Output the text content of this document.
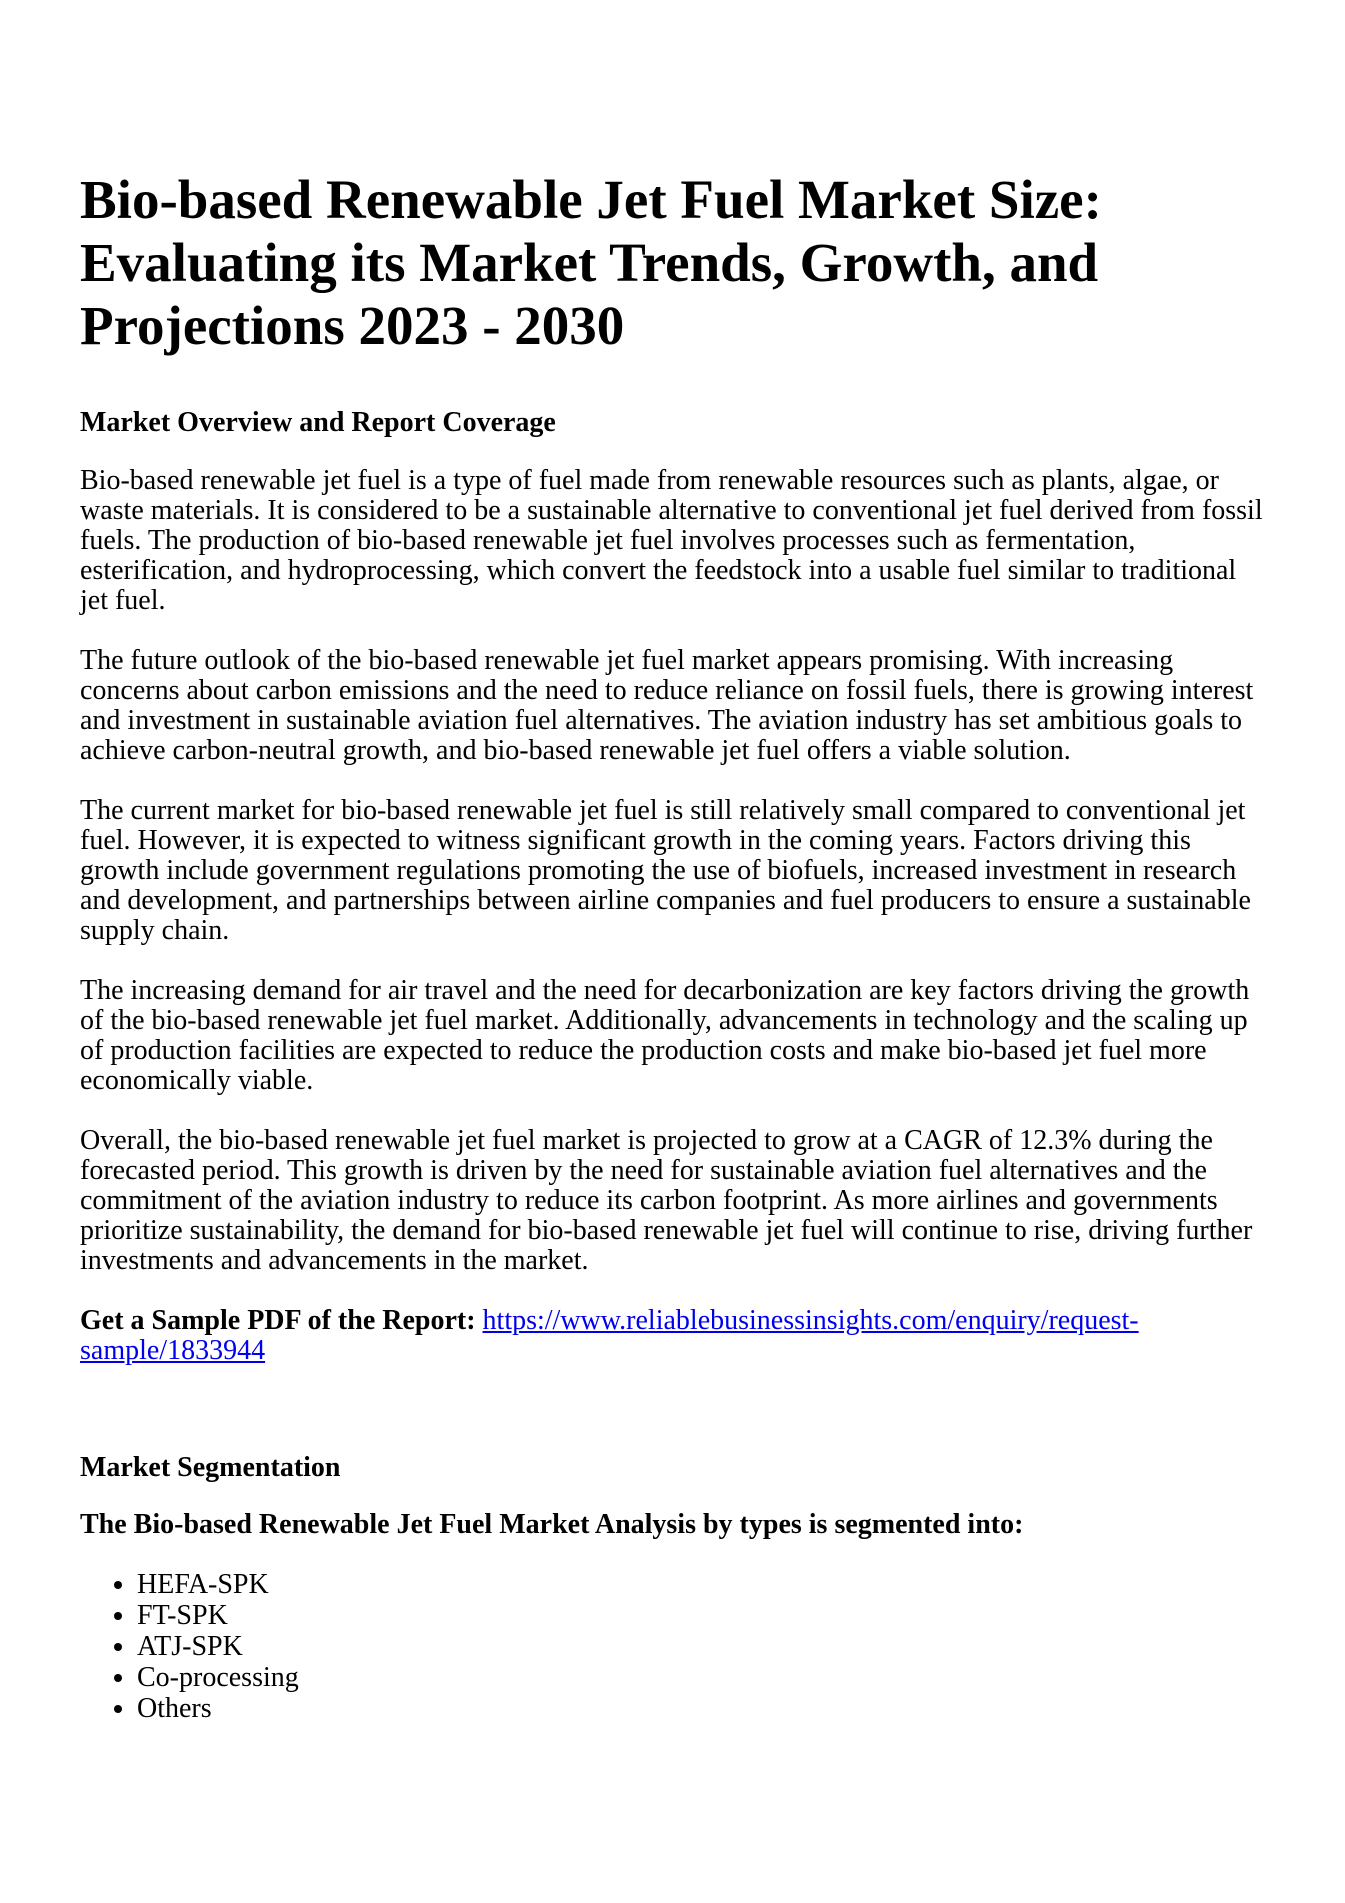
Bio-based Renewable Jet Fuel Market Size: Evaluating its Market Trends, Growth, and Projections 2023 - 2030
Market Overview and Report Coverage

Bio-based renewable jet fuel is a type of fuel made from renewable resources such as plants, algae, or waste materials. It is considered to be a sustainable alternative to conventional jet fuel derived from fossil fuels. The production of bio-based renewable jet fuel involves processes such as fermentation, esterification, and hydroprocessing, which convert the feedstock into a usable fuel similar to traditional jet fuel.

The future outlook of the bio-based renewable jet fuel market appears promising. With increasing concerns about carbon emissions and the need to reduce reliance on fossil fuels, there is growing interest and investment in sustainable aviation fuel alternatives. The aviation industry has set ambitious goals to achieve carbon-neutral growth, and bio-based renewable jet fuel offers a viable solution.

The current market for bio-based renewable jet fuel is still relatively small compared to conventional jet fuel. However, it is expected to witness significant growth in the coming years. Factors driving this growth include government regulations promoting the use of biofuels, increased investment in research and development, and partnerships between airline companies and fuel producers to ensure a sustainable supply chain.

The increasing demand for air travel and the need for decarbonization are key factors driving the growth of the bio-based renewable jet fuel market. Additionally, advancements in technology and the scaling up of production facilities are expected to reduce the production costs and make bio-based jet fuel more economically viable.

Overall, the bio-based renewable jet fuel market is projected to grow at a CAGR of 12.3% during the forecasted period. This growth is driven by the need for sustainable aviation fuel alternatives and the commitment of the aviation industry to reduce its carbon footprint. As more airlines and governments prioritize sustainability, the demand for bio-based renewable jet fuel will continue to rise, driving further investments and advancements in the market.

Get a Sample PDF of the Report: https://www.reliablebusinessinsights.com/enquiry/request-sample/1833944

Market Segmentation

The Bio-based Renewable Jet Fuel Market Analysis by types is segmented into:

• HEFA-SPK
• FT-SPK
• ATJ-SPK
• Co-processing
• Others
